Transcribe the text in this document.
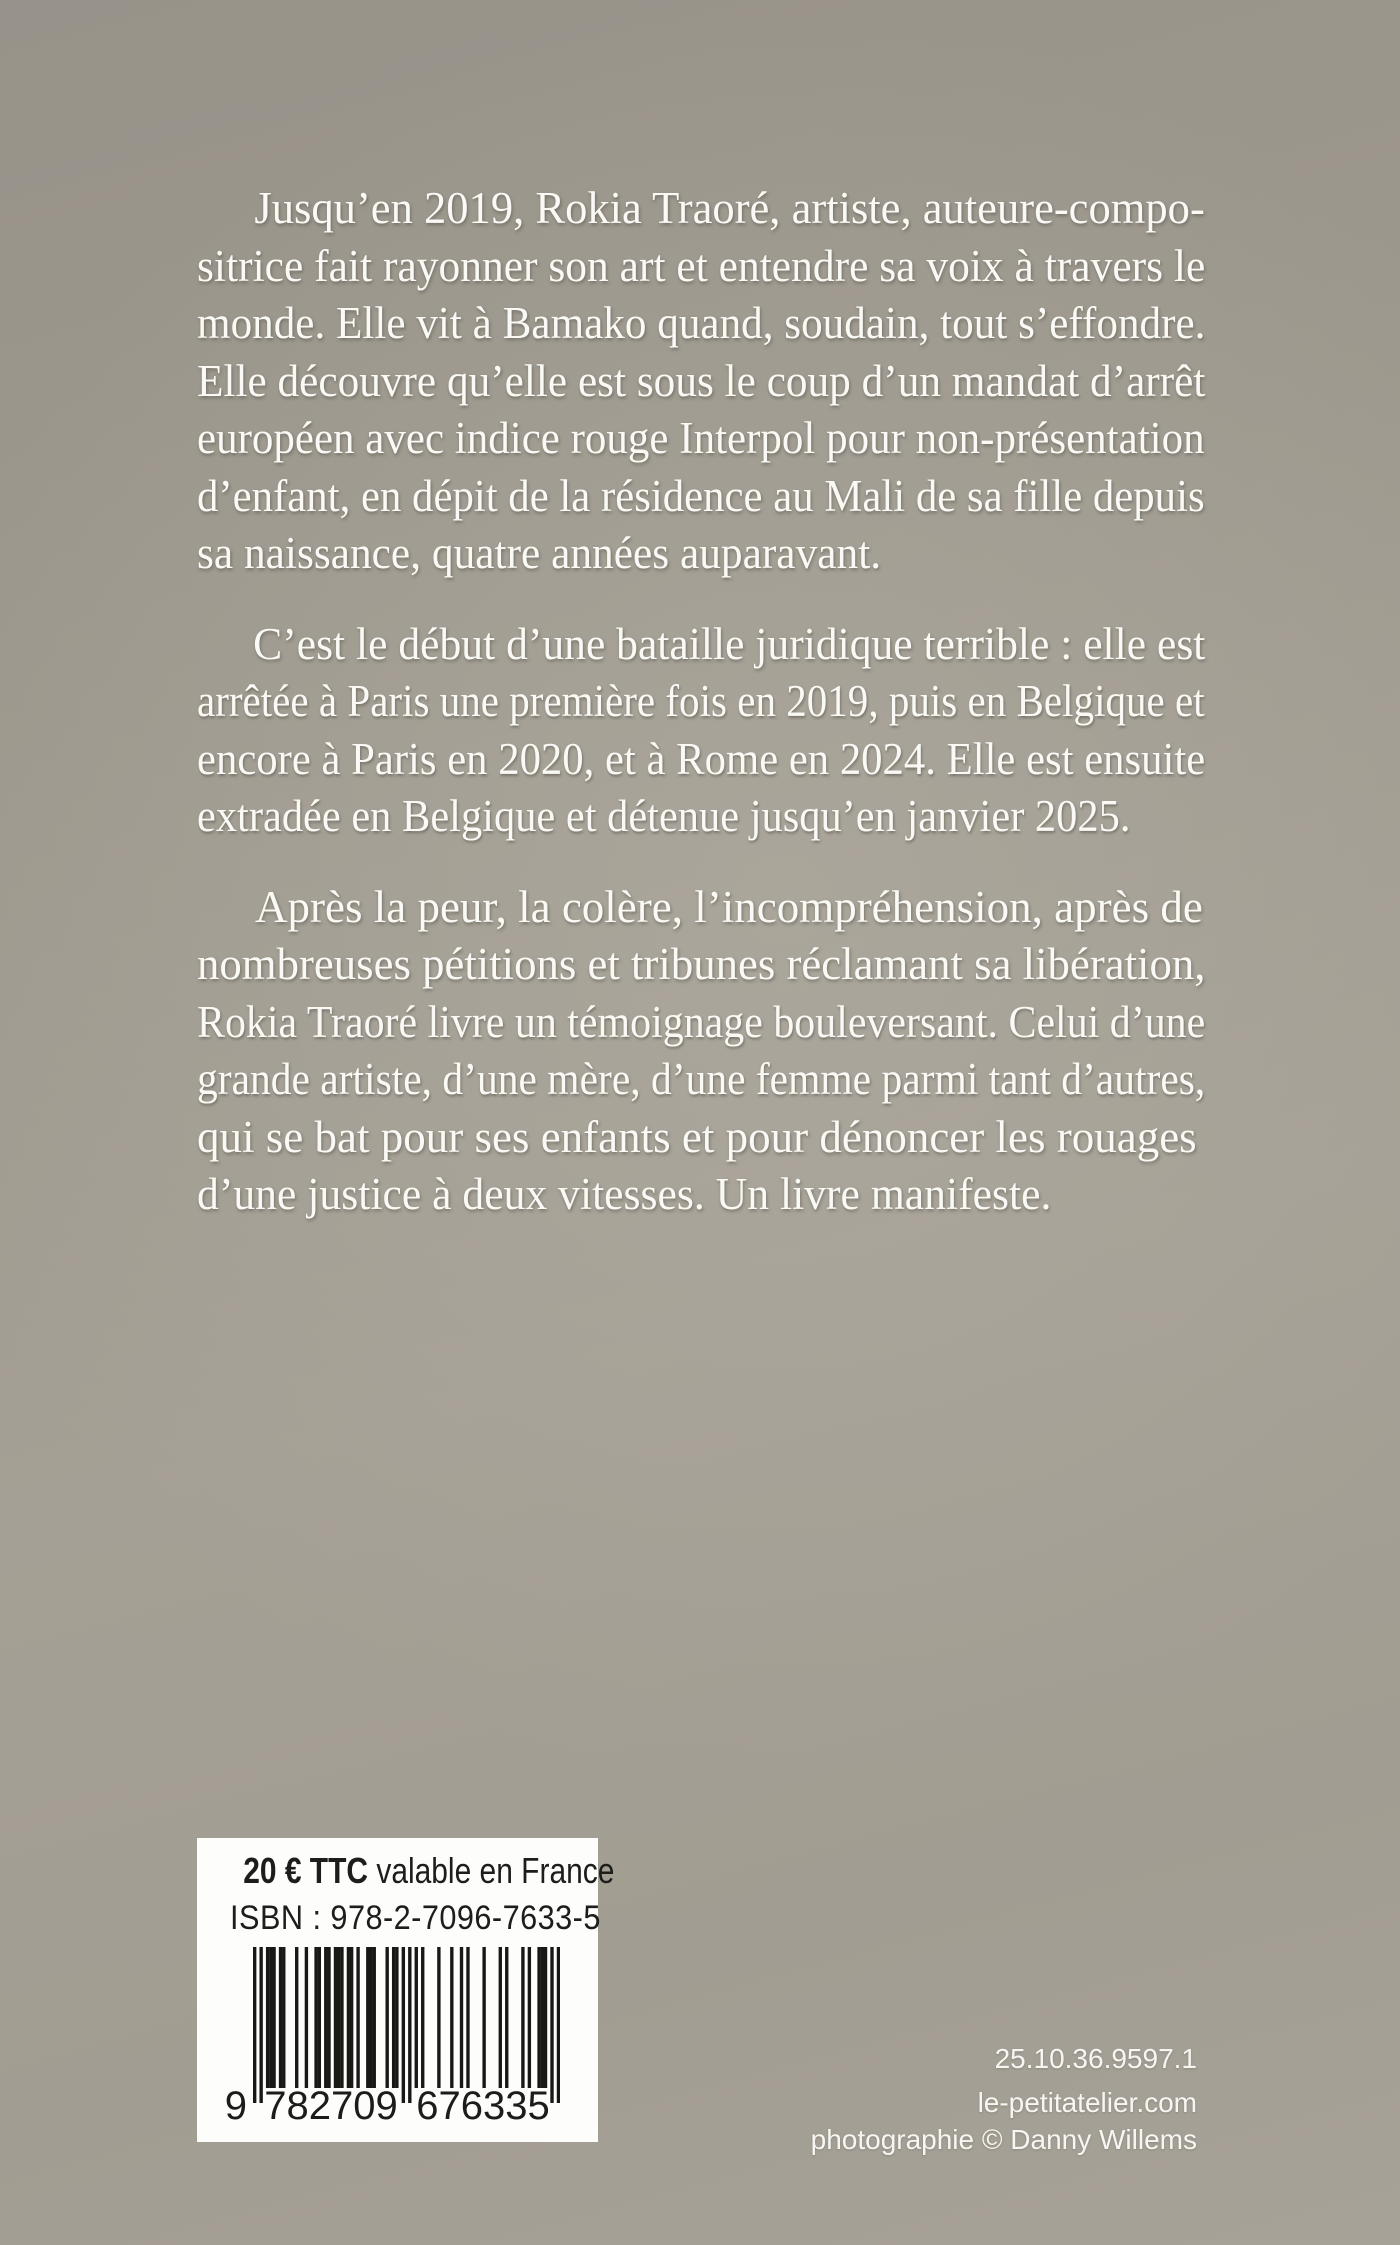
Jusqu’en 2019, Rokia Traoré, artiste, auteure-compo-
sitrice fait rayonner son art et entendre sa voix à travers le
monde. Elle vit à Bamako quand, soudain, tout s’effondre.
Elle découvre qu’elle est sous le coup d’un mandat d’arrêt
européen avec indice rouge Interpol pour non-présentation
d’enfant, en dépit de la résidence au Mali de sa fille depuis
sa naissance, quatre années auparavant.
C’est le début d’une bataille juridique terrible : elle est
arrêtée à Paris une première fois en 2019, puis en Belgique et
encore à Paris en 2020, et à Rome en 2024. Elle est ensuite
extradée en Belgique et détenue jusqu’en janvier 2025.
Après la peur, la colère, l’incompréhension, après de
nombreuses pétitions et tribunes réclamant sa libération,
Rokia Traoré livre un témoignage bouleversant. Celui d’une
grande artiste, d’une mère, d’une femme parmi tant d’autres,
qui se bat pour ses enfants et pour dénoncer les rouages
d’une justice à deux vitesses. Un livre manifeste.
20 € TTC valable en France
ISBN : 978-2-7096-7633-5
9 782709 676335
25.10.36.9597.1
le-petitatelier.com
photographie © Danny Willems
